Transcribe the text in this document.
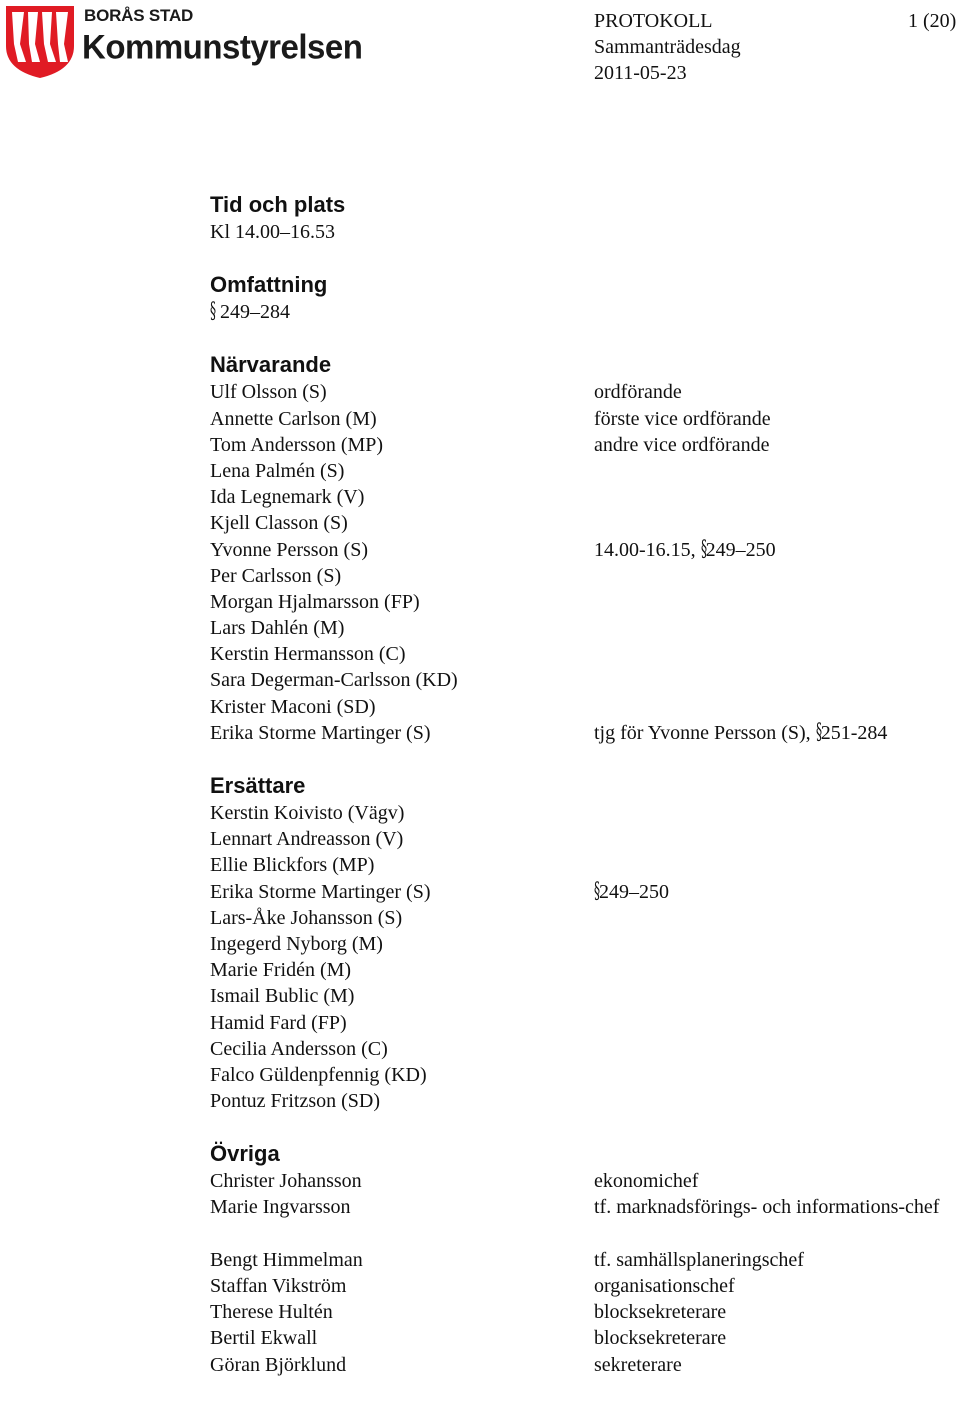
BORÅS STAD
Kommunstyrelsen
PROTOKOLL
Sammanträdesdag
2011-05-23
1 (20)
Tid och plats
Kl 14.00–16.53
Omfattning
§ 249–284
Närvarande
Ulf Olsson (S)	ordförande
Annette Carlson (M)	förste vice ordförande
Tom Andersson (MP)	andre vice ordförande
Lena Palmén (S)
Ida Legnemark (V)
Kjell Classon (S)
Yvonne Persson (S)	14.00-16.15, §249–250
Per Carlsson (S)
Morgan Hjalmarsson (FP)
Lars Dahlén (M)
Kerstin Hermansson (C)
Sara Degerman-Carlsson (KD)
Krister Maconi (SD)
Erika Storme Martinger (S)	tjg för Yvonne Persson (S), §251-284
Ersättare
Kerstin Koivisto (Vägv)
Lennart Andreasson (V)
Ellie Blickfors (MP)
Erika Storme Martinger (S)	§249–250
Lars-Åke Johansson (S)
Ingegerd Nyborg (M)
Marie Fridén (M)
Ismail Bublic (M)
Hamid Fard (FP)
Cecilia Andersson (C)
Falco Güldenpfennig (KD)
Pontuz Fritzson (SD)
Övriga
Christer Johansson	ekonomichef
Marie Ingvarsson	tf. marknadsförings- och informations-chef
Bengt Himmelman	tf. samhällsplaneringschef
Staffan Vikström	organisationschef
Therese Hultén	blocksekreterare
Bertil Ekwall	blocksekreterare
Göran Björklund	sekreterare
